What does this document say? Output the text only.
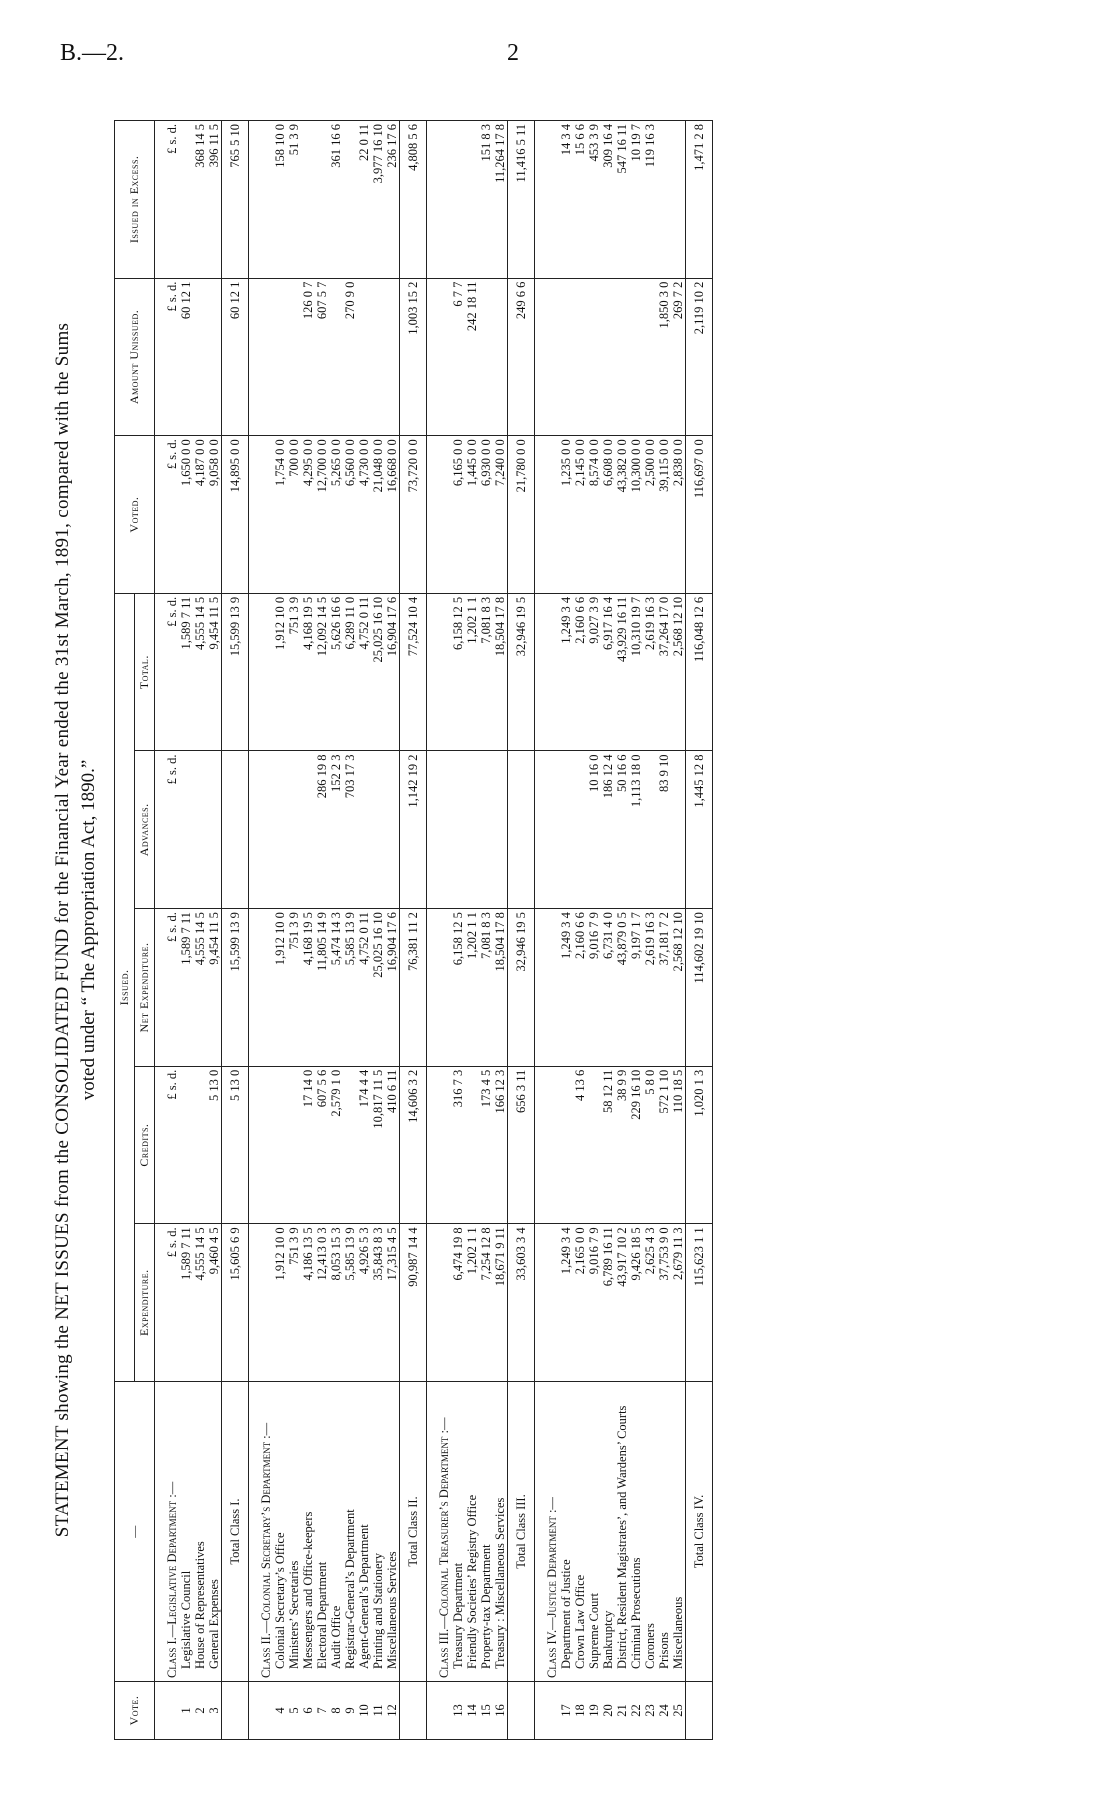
B.—2.	2
STATEMENT showing the NET ISSUES from the CONSOLIDATED FUND for the Financial Year ended the 31st March, 1891, compared with the Sums voted under “ The Appropriation Act, 1890.”
Vote.	—	Issued.					Voted.	Amount Unissued.	Issued in Excess.
		Expenditure.	Credits.	Net Expenditure.	Advances.	Total.			
	Class I.—Legislative Department :—	£ s. d.	£ s. d.	£ s. d.	£ s. d.	£ s. d.	£ s. d.	£ s. d.	£ s. d.
1	Legislative Council	1,589 7 11		1,589 7 11		1,589 7 11	1,650 0 0	60 12 1	
2	House of Representatives	4,555 14 5		4,555 14 5		4,555 14 5	4,187 0 0		368 14 5
3	General Expenses	9,460 4 5	5 13 0	9,454 11 5		9,454 11 5	9,058 0 0		396 11 5
	Total Class I.	15,605 6 9	5 13 0	15,599 13 9		15,599 13 9	14,895 0 0	60 12 1	765 5 10
	Class II.—Colonial Secretary’s Department :—								
4	Colonial Secretary’s Office	1,912 10 0		1,912 10 0		1,912 10 0	1,754 0 0		158 10 0
5	Ministers’ Secretaries	751 3 9		751 3 9		751 3 9	700 0 0		51 3 9
6	Messengers and Office-keepers	4,186 13 5	17 14 0	4,168 19 5		4,168 19 5	4,295 0 0	126 0 7	
7	Electoral Department	12,413 0 3	607 5 6	11,805 14 9	286 19 8	12,092 14 5	12,700 0 0	607 5 7	
8	Audit Office	8,053 15 3	2,579 1 0	5,474 14 3	152 2 3	5,626 16 6	5,265 0 0		361 16 6
9	Registrar-General’s Department	5,585 13 9		5,585 13 9	703 17 3	6,289 11 0	6,560 0 0	270 9 0	
10	Agent-General’s Department	4,926 5 3	174 4 4	4,752 0 11		4,752 0 11	4,730 0 0		22 0 11
11	Printing and Stationery	35,843 8 3	10,817 11 5	25,025 16 10		25,025 16 10	21,048 0 0		3,977 16 10
12	Miscellaneous Services	17,315 4 5	410 6 11	16,904 17 6		16,904 17 6	16,668 0 0		236 17 6
	Total Class II.	90,987 14 4	14,606 3 2	76,381 11 2	1,142 19 2	77,524 10 4	73,720 0 0	1,003 15 2	4,808 5 6
	Class III.—Colonial Treasurer’s Department :—								
13	Treasury Department	6,474 19 8	316 7 3	6,158 12 5		6,158 12 5	6,165 0 0	6 7 7	
14	Friendly Societies’ Registry Office	1,202 1 1		1,202 1 1		1,202 1 1	1,445 0 0	242 18 11	
15	Property-tax Department	7,254 12 8	173 4 5	7,081 8 3		7,081 8 3	6,930 0 0		151 8 3
16	Treasury : Miscellaneous Services	18,671 9 11	166 12 3	18,504 17 8		18,504 17 8	7,240 0 0		11,264 17 8
	Total Class III.	33,603 3 4	656 3 11	32,946 19 5		32,946 19 5	21,780 0 0	249 6 6	11,416 5 11
	Class IV.—Justice Department :—								
17	Department of Justice	1,249 3 4		1,249 3 4		1,249 3 4	1,235 0 0		14 3 4
18	Crown Law Office	2,165 0 0	4 13 6	2,160 6 6		2,160 6 6	2,145 0 0		15 6 6
19	Supreme Court	9,016 7 9		9,016 7 9	10 16 0	9,027 3 9	8,574 0 0		453 3 9
20	Bankruptcy	6,789 16 11	58 12 11	6,731 4 0	186 12 4	6,917 16 4	6,608 0 0		309 16 4
21	District, Resident Magistrates’, and Wardens’ Courts	43,917 10 2	38 9 9	43,879 0 5	50 16 6	43,929 16 11	43,382 0 0		547 16 11
22	Criminal Prosecutions	9,426 18 5	229 16 10	9,197 1 7	1,113 18 0	10,310 19 7	10,300 0 0		10 19 7
23	Coroners	2,625 4 3	5 8 0	2,619 16 3		2,619 16 3	2,500 0 0		119 16 3
24	Prisons	37,753 9 0	572 1 10	37,181 7 2	83 9 10	37,264 17 0	39,115 0 0	1,850 3 0	
25	Miscellaneous	2,679 11 3	110 18 5	2,568 12 10		2,568 12 10	2,838 0 0	269 7 2	
	Total Class IV.	115,623 1 1	1,020 1 3	114,602 19 10	1,445 12 8	116,048 12 6	116,697 0 0	2,119 10 2	1,471 2 8
